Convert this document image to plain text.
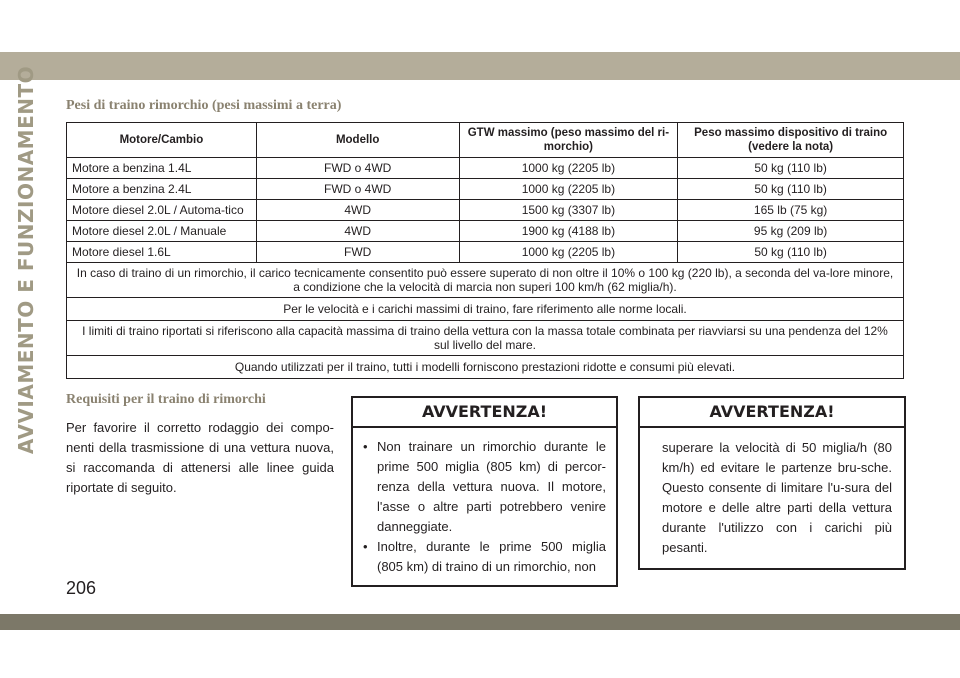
AVVIAMENTO E FUNZIONAMENTO Pesi di traino rimorchio (pesi massimi a terra)
Motore/Cambio	Modello	GTW massimo (peso massimo del ri-morchio)	Peso massimo dispositivo di traino (vedere la nota)
Motore a benzina 1.4L	FWD o 4WD	1000 kg (2205 lb)	50 kg (110 lb)
Motore a benzina 2.4L	FWD o 4WD	1000 kg (2205 lb)	50 kg (110 lb)
Motore diesel 2.0L / Automa-tico	4WD	1500 kg (3307 lb)	165 lb (75 kg)
Motore diesel 2.0L / Manuale	4WD	1900 kg (4188 lb)	95 kg (209 lb)
Motore diesel 1.6L	FWD	1000 kg (2205 lb)	50 kg (110 lb)
In caso di traino di un rimorchio, il carico tecnicamente consentito può essere superato di non oltre il 10% o 100 kg (220 lb), a seconda del va-lore minore, a condizione che la velocità di marcia non superi 100 km/h (62 miglia/h).			
Per le velocità e i carichi massimi di traino, fare riferimento alle norme locali.			
I limiti di traino riportati si riferiscono alla capacità massima di traino della vettura con la massa totale combinata per riavviarsi su una pendenza del 12% sul livello del mare.			
Quando utilizzati per il traino, tutti i modelli forniscono prestazioni ridotte e consumi più elevati.			
Requisiti per il traino di rimorchi

Per favorire il corretto rodaggio dei compo-nenti della trasmissione di una vettura nuova, si raccomanda di attenersi alle linee guida riportate di seguito.

AVVERTENZA!
• Non trainare un rimorchio durante le prime 500 miglia (805 km) di percor-renza della vettura nuova. Il motore, l'asse o altre parti potrebbero venire danneggiate.
• Inoltre, durante le prime 500 miglia (805 km) di traino di un rimorchio, non
AVVERTENZA!

superare la velocità di 50 miglia/h (80 km/h) ed evitare le partenze bru-sche. Questo consente di limitare l'u-sura del motore e delle altre parti della vettura durante l'utilizzo con i carichi più pesanti.

206
